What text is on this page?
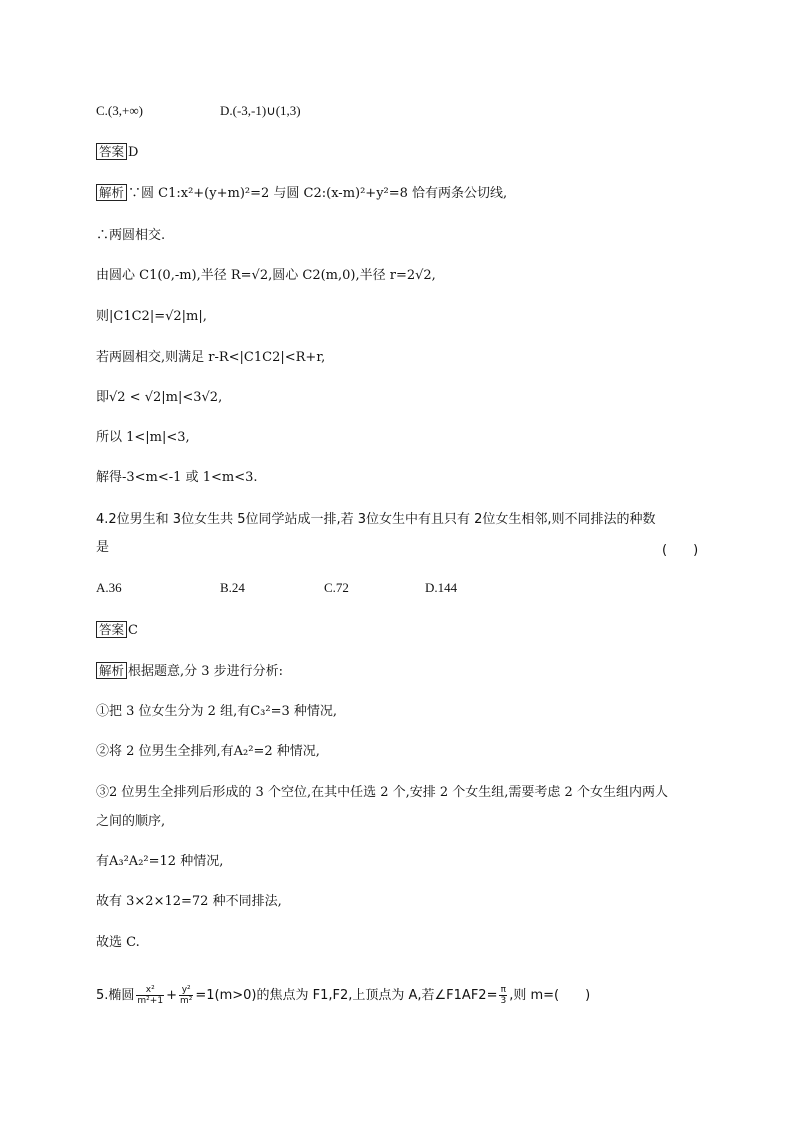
C.(3,+∞)	D.(-3,-1)∪(1,3)
答案 D
解析 ∵圆 C1:x²+(y+m)²=2 与圆 C2:(x-m)²+y²=8 恰有两条公切线,
∴两圆相交.
由圆心 C1(0,-m),半径 R=√2,圆心 C2(m,0),半径 r=2√2,
则|C1C2|=√2|m|,
若两圆相交,则满足 r-R<|C1C2|<R+r,
即√2 < √2|m|<3√2,
所以 1<|m|<3,
解得-3<m<-1 或 1<m<3.
4.2位男生和 3位女生共 5位同学站成一排,若 3位女生中有且只有 2位女生相邻,则不同排法的种数
是	(　　)
A.36	B.24	C.72	D.144
答案 C
解析 根据题意,分 3 步进行分析:
①把 3 位女生分为 2 组,有C₃²=3 种情况,
②将 2 位男生全排列,有A₂²=2 种情况,
③2 位男生全排列后形成的 3 个空位,在其中任选 2 个,安排 2 个女生组,需要考虑 2 个女生组内两人
之间的顺序,
有A₃²A₂²=12 种情况,
故有 3×2×12=72 种不同排法,
故选 C.
5.椭圆 $\frac{\text{x²}}{\text{m²+1}} + \frac{\text{y²}}{\text{m²}} =1(m>0)$的焦点为 F1,F2,上顶点为 A,若∠F1AF2= $\frac{\pi}{3}$ ,则 m=(　　)
